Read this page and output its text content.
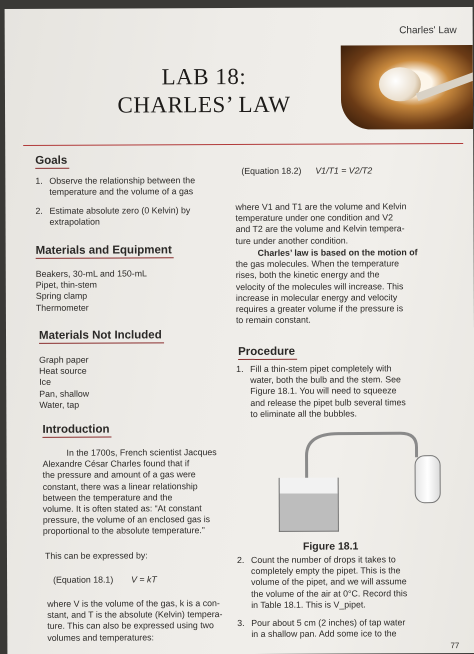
Charles' Law
LAB 18:
CHARLES’ LAW
Goals
1. Observe the relationship between the
temperature and the volume of a gas
2. Estimate absolute zero (0 Kelvin) by
extrapolation
Materials and Equipment
Beakers, 30-mL and 150-mL
Pipet, thin-stem
Spring clamp
Thermometer
Materials Not Included
Graph paper
Heat source
Ice
Pan, shallow
Water, tap
Introduction
In the 1700s, French scientist Jacques
Alexandre César Charles found that if
the pressure and amount of a gas were
constant, there was a linear relationship
between the temperature and the
volume. It is often stated as: “At constant
pressure, the volume of an enclosed gas is
proportional to the absolute temperature.”
This can be expressed by:
(Equation 18.1) V = kT
where V is the volume of the gas, k is a con-
stant, and T is the absolute (Kelvin) tempera-
ture. This can also be expressed using two
volumes and temperatures:
(Equation 18.2) V1/T1 = V2/T2
where V1 and T1 are the volume and Kelvin
temperature under one condition and V2
and T2 are the volume and Kelvin tempera-
ture under another condition.
Charles’ law is based on the motion of
the gas molecules. When the temperature
rises, both the kinetic energy and the
velocity of the molecules will increase. This
increase in molecular energy and velocity
requires a greater volume if the pressure is
to remain constant.
Procedure
1. Fill a thin-stem pipet completely with
water, both the bulb and the stem. See
Figure 18.1. You will need to squeeze
and release the pipet bulb several times
to eliminate all the bubbles.
Figure 18.1
2. Count the number of drops it takes to
completely empty the pipet. This is the
volume of the pipet, and we will assume
the volume of the air at 0°C. Record this
in Table 18.1. This is V_pipet.
3. Pour about 5 cm (2 inches) of tap water
in a shallow pan. Add some ice to the
77
